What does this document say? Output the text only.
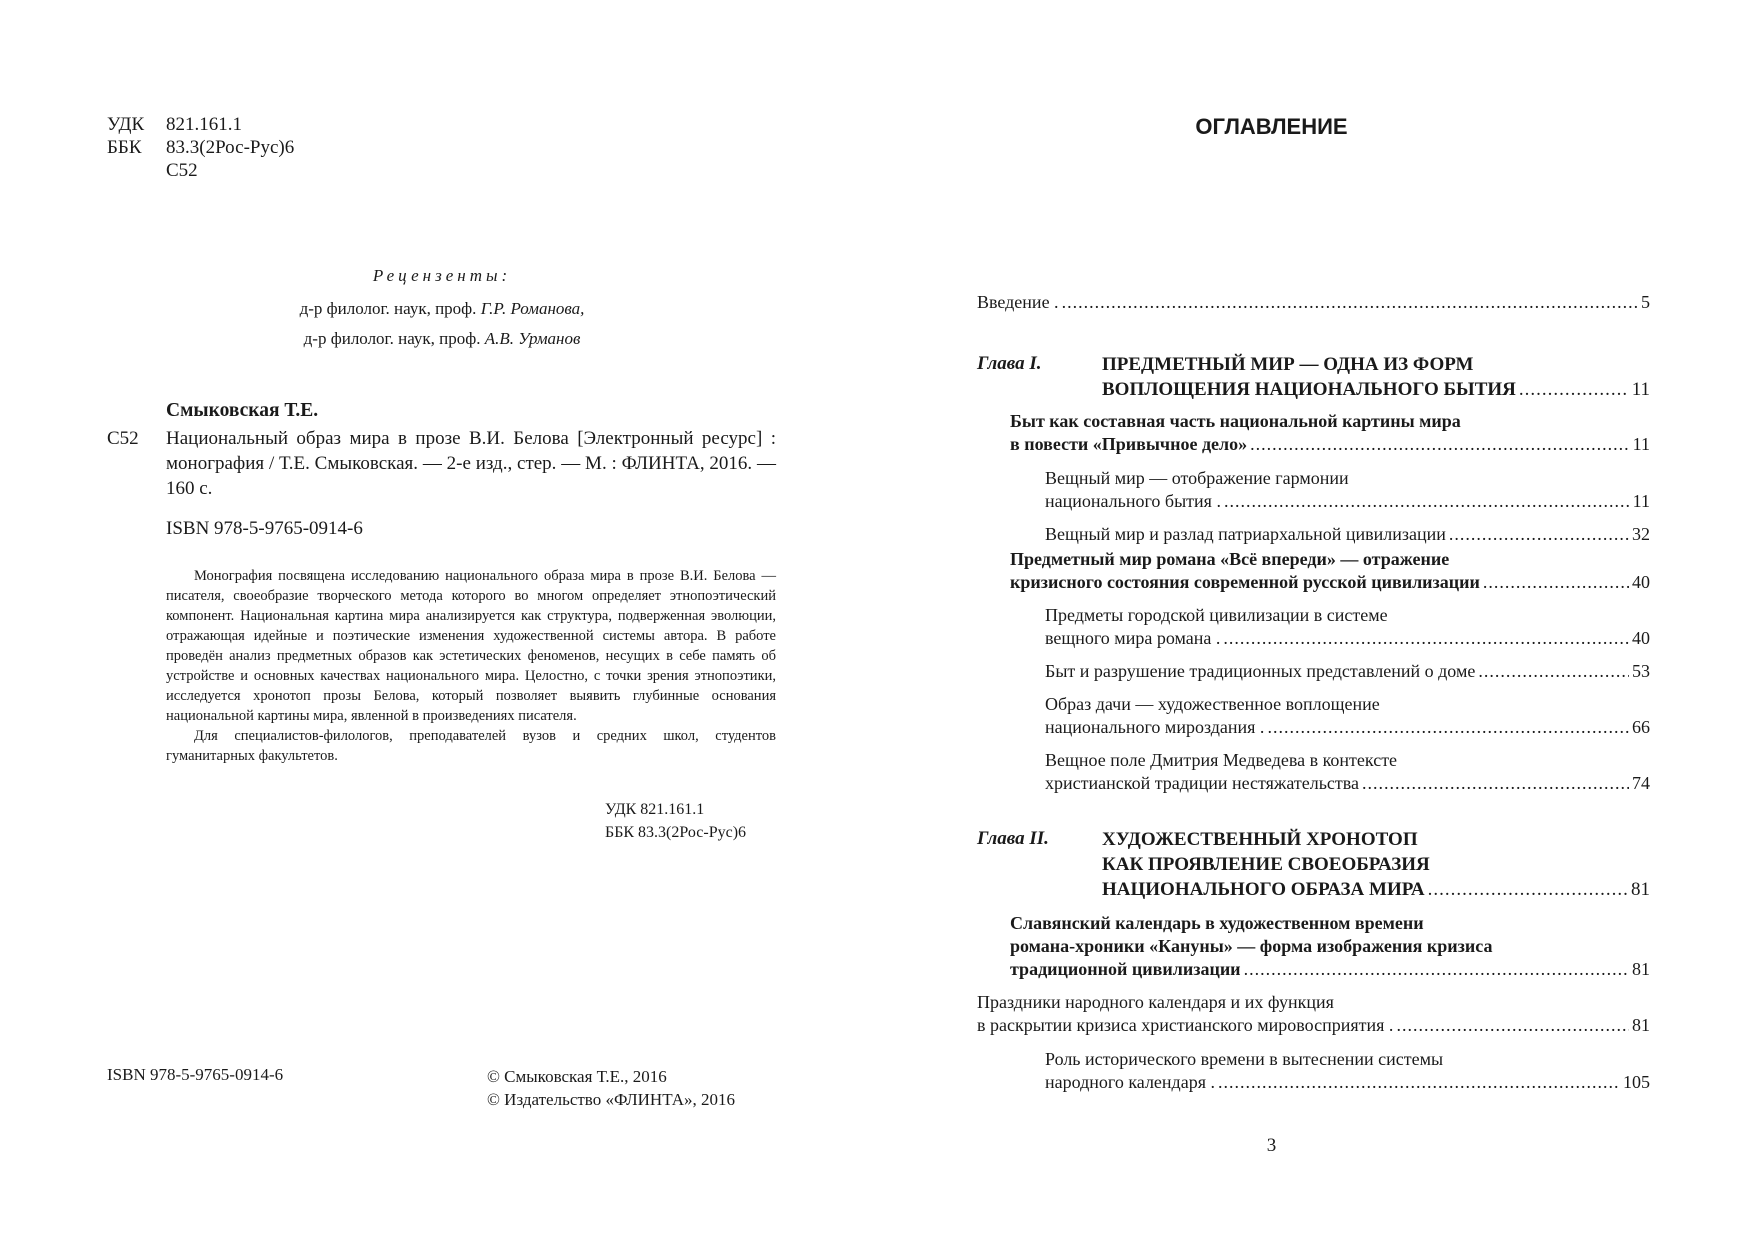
УДК	821.161.1
ББК	83.3(2Рос-Рус)6
С52
Рецензенты:
д-р филолог. наук, проф. Г.Р. Романова,
д-р филолог. наук, проф. А.В. Урманов
Смыковская Т.Е.
С52 Национальный образ мира в прозе В.И. Белова [Электронный ресурс] : монография / Т.Е. Смыковская. — 2-е изд., стер. — М. : ФЛИНТА, 2016. — 160 с.
ISBN 978-5-9765-0914-6

Монография посвящена исследованию национального образа мира в прозе В.И. Белова — писателя, своеобразие творческого метода которого во многом определяет этнопоэтический компонент. Национальная картина мира анализируется как структура, подверженная эволюции, отражающая идейные и поэтические изменения художественной системы автора. В работе проведён анализ предметных образов как эстетических феноменов, несущих в себе память об устройстве и основных качествах национального мира. Целостно, с точки зрения этнопоэтики, исследуется хронотоп прозы Белова, который позволяет выявить глубинные основания национальной картины мира, явленной в произведениях писателя.

Для специалистов-филологов, преподавателей вузов и средних школ, студентов гуманитарных факультетов.

УДК 821.161.1
ББК 83.3(2Рос-Рус)6
ISBN 978-5-9765-0914-6	© Смыковская Т.Е., 2016
© Издательство «ФЛИНТА», 2016
ОГЛАВЛЕНИЕ
Введение . .....	5
Глава I.	ПРЕДМЕТНЫЙ МИР — ОДНА ИЗ ФОРМ
ВОПЛОЩЕНИЯ НАЦИОНАЛЬНОГО БЫТИЯ .....	11
Быт как составная часть национальной картины мира
в повести «Привычное дело» .....	11
Вещный мир — отображение гармонии
национального бытия . .....	11
Вещный мир и разлад патриархальной цивилизации .....	32
Предметный мир романа «Всё впереди» — отражение
кризисного состояния современной русской цивилизации .....	40
Предметы городской цивилизации в системе
вещного мира романа . .....	40
Быт и разрушение традиционных представлений о доме .....	53
Образ дачи — художественное воплощение
национального мироздания . .....	66
Вещное поле Дмитрия Медведева в контексте
христианской традиции нестяжательства .....	74
Глава II.	ХУДОЖЕСТВЕННЫЙ ХРОНОТОП
КАК ПРОЯВЛЕНИЕ СВОЕОБРАЗИЯ
НАЦИОНАЛЬНОГО ОБРАЗА МИРА .....	81
Славянский календарь в художественном времени
романа-хроники «Кануны» — форма изображения кризиса
традиционной цивилизации .....	81
Праздники народного календаря и их функция
в раскрытии кризиса христианского мировосприятия . .....	81
Роль исторического времени в вытеснении системы
народного календаря . .....	105
3
